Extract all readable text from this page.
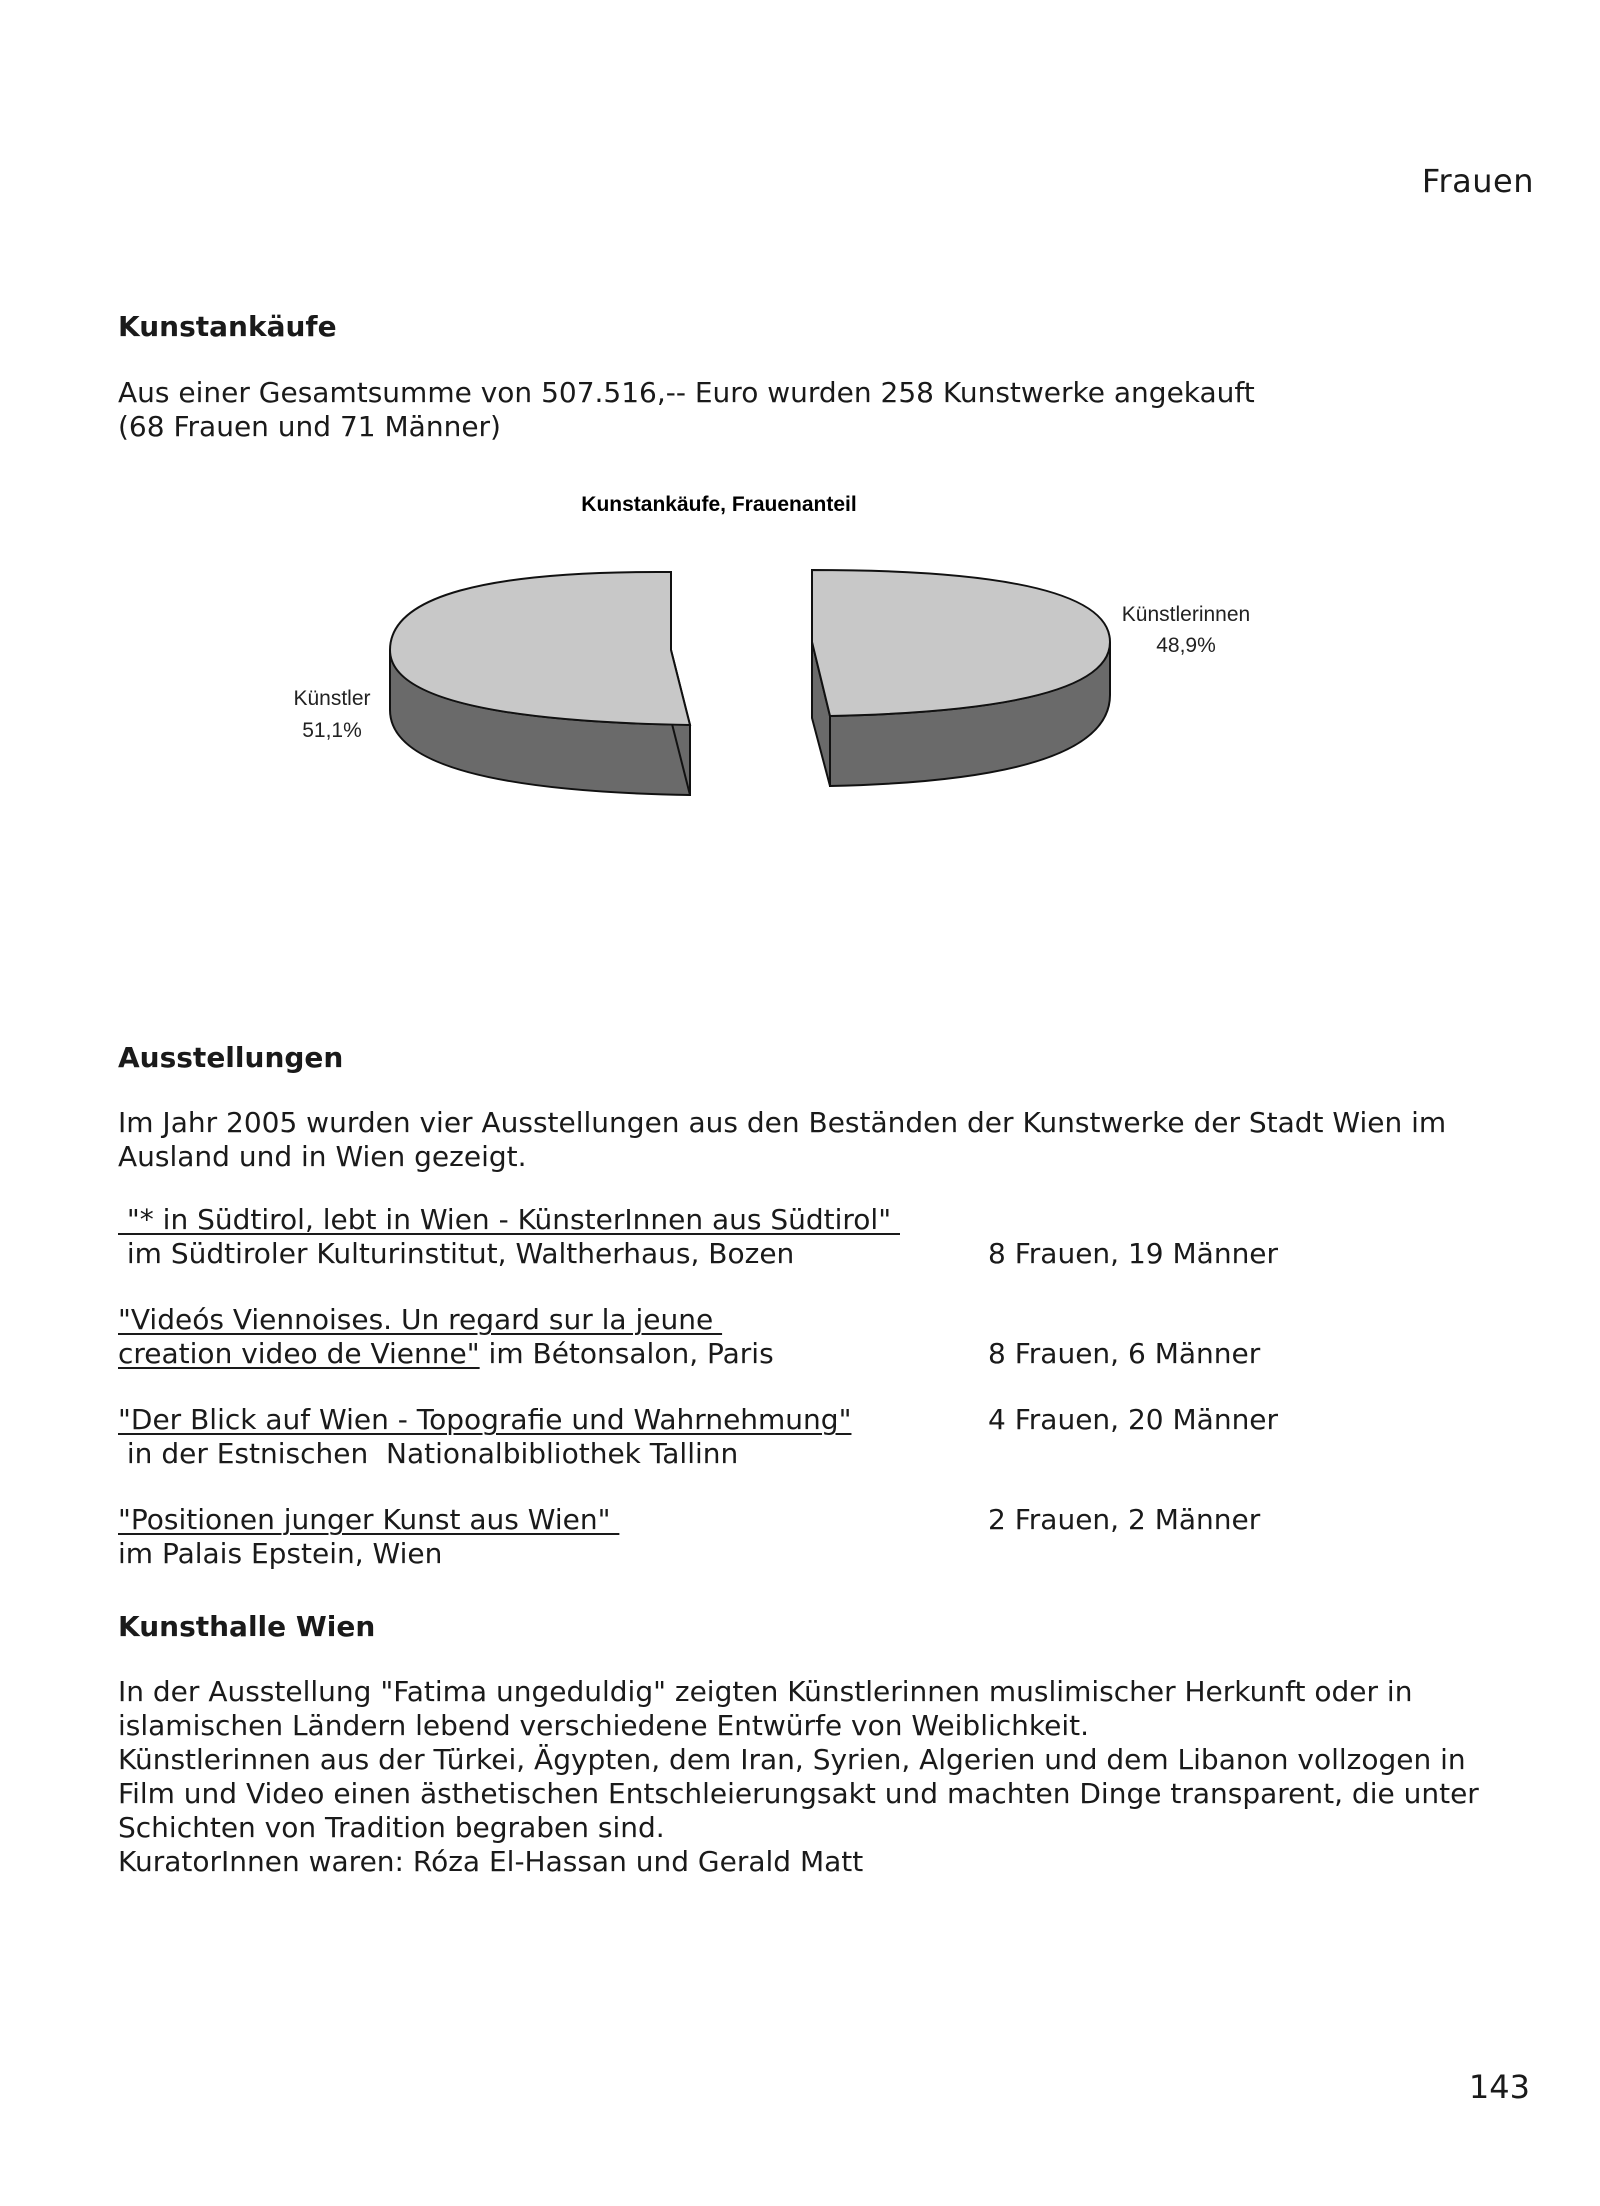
Frauen
Kunstankäufe
Aus einer Gesamtsumme von 507.516,-- Euro wurden 258 Kunstwerke angekauft
(68 Frauen und 71 Männer)
Kunstankäufe, Frauenanteil
Künstler
51,1%
Künstlerinnen
48,9%
Ausstellungen
Im Jahr 2005 wurden vier Ausstellungen aus den Beständen der Kunstwerke der Stadt Wien im
Ausland und in Wien gezeigt.
"* in Südtirol, lebt in Wien - KünsterInnen aus Südtirol"
im Südtiroler Kulturinstitut, Waltherhaus, Bozen	8 Frauen, 19 Männer
"Videós Viennoises. Un regard sur la jeune
creation video de Vienne" im Bétonsalon, Paris	8 Frauen, 6 Männer
"Der Blick auf Wien - Topografie und Wahrnehmung"
in der Estnischen  Nationalbibliothek Tallinn
4 Frauen, 20 Männer
"Positionen junger Kunst aus Wien"
im Palais Epstein, Wien
2 Frauen, 2 Männer
Kunsthalle Wien
In der Ausstellung "Fatima ungeduldig" zeigten Künstlerinnen muslimischer Herkunft oder in
islamischen Ländern lebend verschiedene Entwürfe von Weiblichkeit.
Künstlerinnen aus der Türkei, Ägypten, dem Iran, Syrien, Algerien und dem Libanon vollzogen in
Film und Video einen ästhetischen Entschleierungsakt und machten Dinge transparent, die unter
Schichten von Tradition begraben sind.
KuratorInnen waren: Róza El-Hassan und Gerald Matt
143
